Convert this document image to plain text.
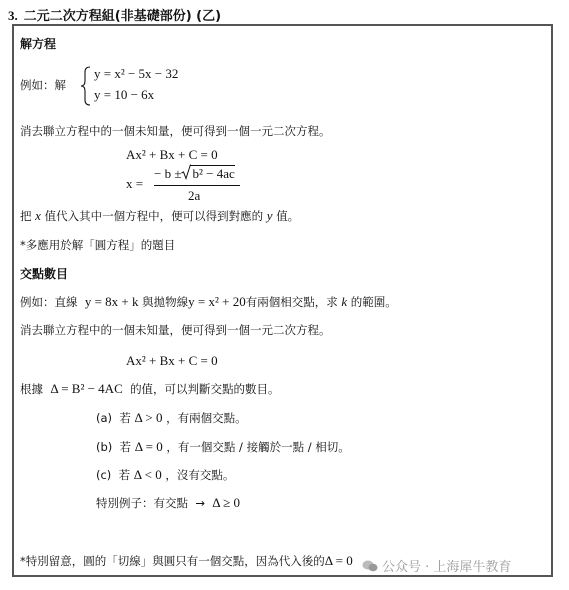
3. 二元二次方程組(非基礎部份) (乙)
解方程
例如：解
y = x² − 5x − 32
y = 10 − 6x
消去聯立方程中的一個未知量，便可得到一個一元二次方程。
Ax² + Bx + C = 0
x =
− b ± b² − 4ac
2a
把 x 值代入其中一個方程中，便可以得到對應的 y 值。
*多應用於解「圓方程」的題目
交點數目
例如：直線 y = 8x + k 與拋物線y = x² + 20有兩個相交點，求 k 的範圍。
消去聯立方程中的一個未知量，便可得到一個一元二次方程。
Ax² + Bx + C = 0
根據 Δ = B² − 4AC 的值，可以判斷交點的數目。
(a) 若 Δ > 0 ，有兩個交點。
(b) 若 Δ = 0 ，有一個交點 / 接觸於一點 / 相切。
(c) 若 Δ < 0 ，沒有交點。
特別例子：有交點 → Δ ≥ 0
*特別留意，圓的「切線」與圓只有一個交點，因為代入後的Δ = 0	公众号 · 上海犀牛教育
